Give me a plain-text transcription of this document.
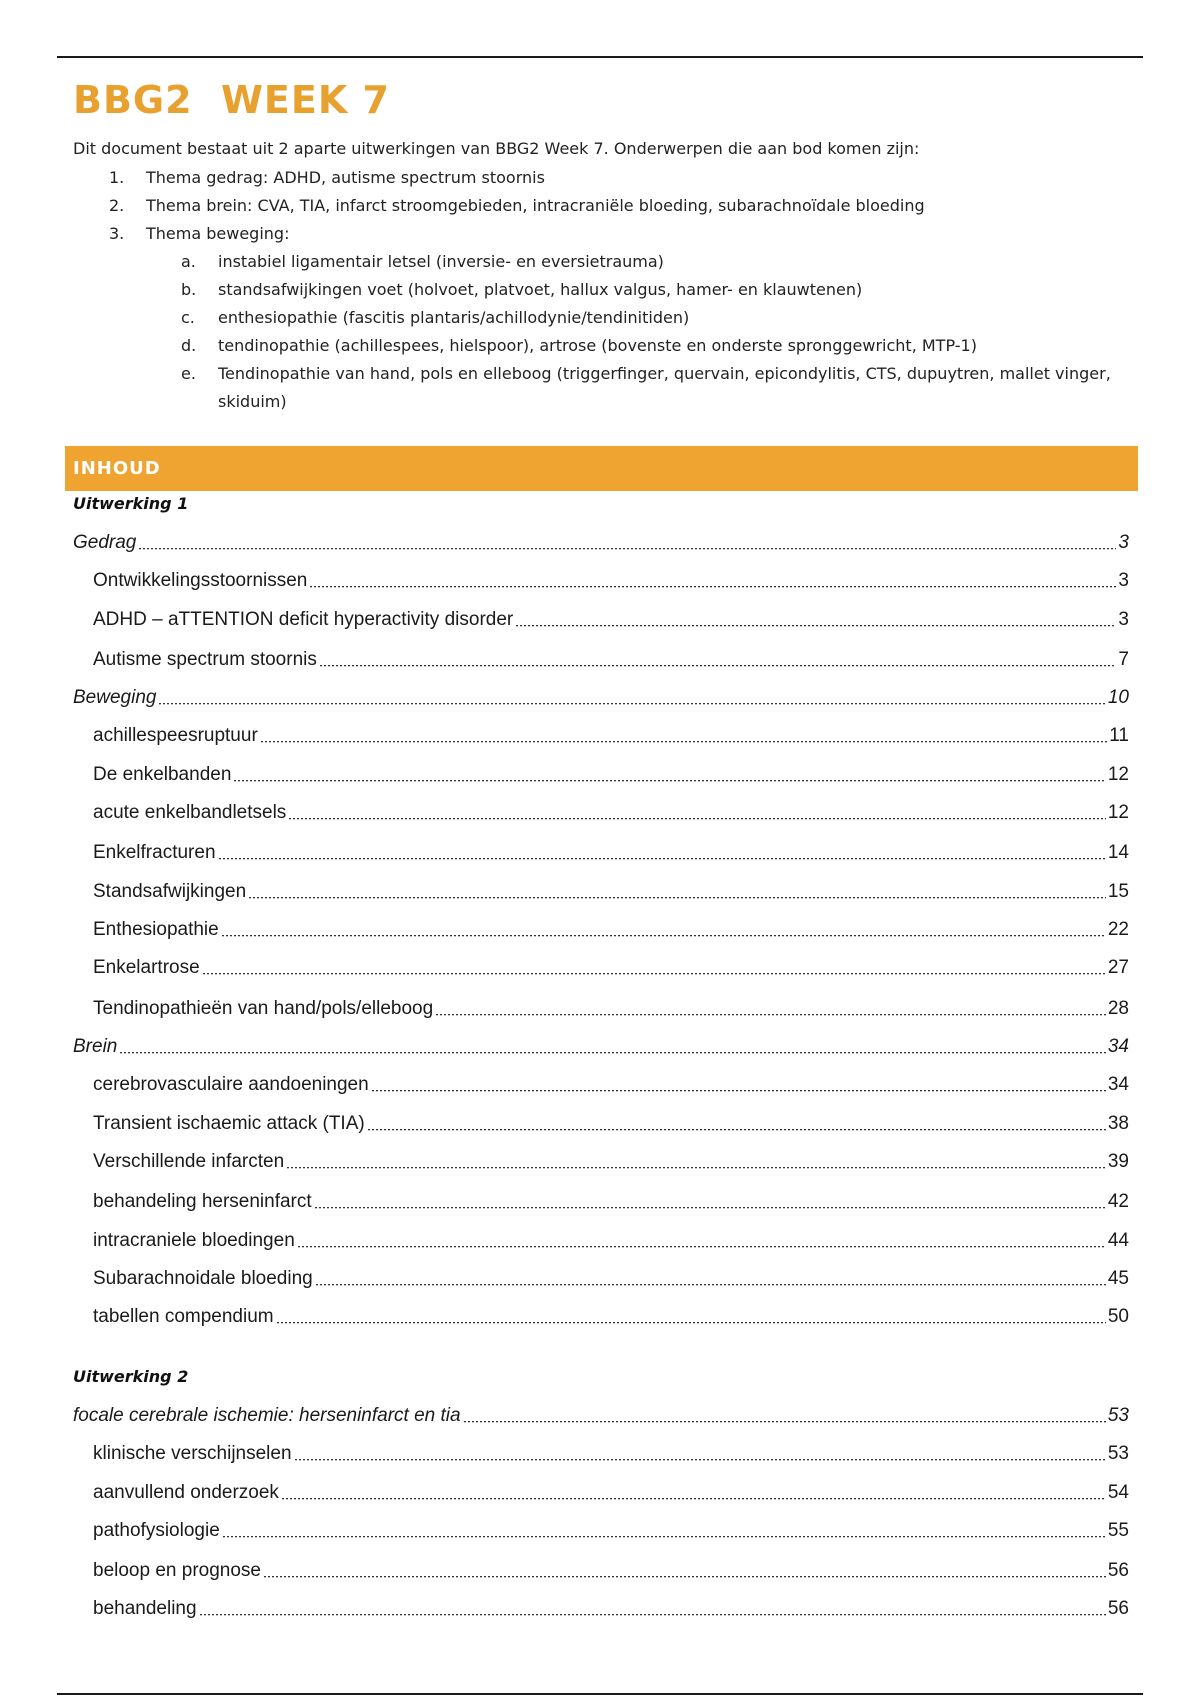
BBG2  WEEK 7

Dit document bestaat uit 2 aparte uitwerkingen van BBG2 Week 7. Onderwerpen die aan bod komen zijn:

1. Thema gedrag: ADHD, autisme spectrum stoornis
2. Thema brein: CVA, TIA, infarct stroomgebieden, intracraniële bloeding, subarachnoïdale bloeding
3. Thema beweging:
a. instabiel ligamentair letsel (inversie- en eversietrauma)
b. standsafwijkingen voet (holvoet, platvoet, hallux valgus, hamer- en klauwtenen)
c. enthesiopathie (fascitis plantaris/achillodynie/tendinitiden)
d. tendinopathie (achillespees, hielspoor), artrose (bovenste en onderste spronggewricht, MTP-1)
e. Tendinopathie van hand, pols en elleboog (triggerfinger, quervain, epicondylitis, CTS, dupuytren, mallet vinger, skiduim)
INHOUD
Uitwerking 1
Gedrag	3
Ontwikkelingsstoornissen	3
ADHD – aTTENTION deficit hyperactivity disorder	3
Autisme spectrum stoornis	7
Beweging	10
achillespeesruptuur	11
De enkelbanden	12
acute enkelbandletsels	12
Enkelfracturen	14
Standsafwijkingen	15
Enthesiopathie	22
Enkelartrose	27
Tendinopathieën van hand/pols/elleboog	28
Brein	34
cerebrovasculaire aandoeningen	34
Transient ischaemic attack (TIA)	38
Verschillende infarcten	39
behandeling herseninfarct	42
intracraniele bloedingen	44
Subarachnoidale bloeding	45
tabellen compendium	50
Uitwerking 2
focale cerebrale ischemie: herseninfarct en tia	53
klinische verschijnselen	53
aanvullend onderzoek	54
pathofysiologie	55
beloop en prognose	56
behandeling	56
